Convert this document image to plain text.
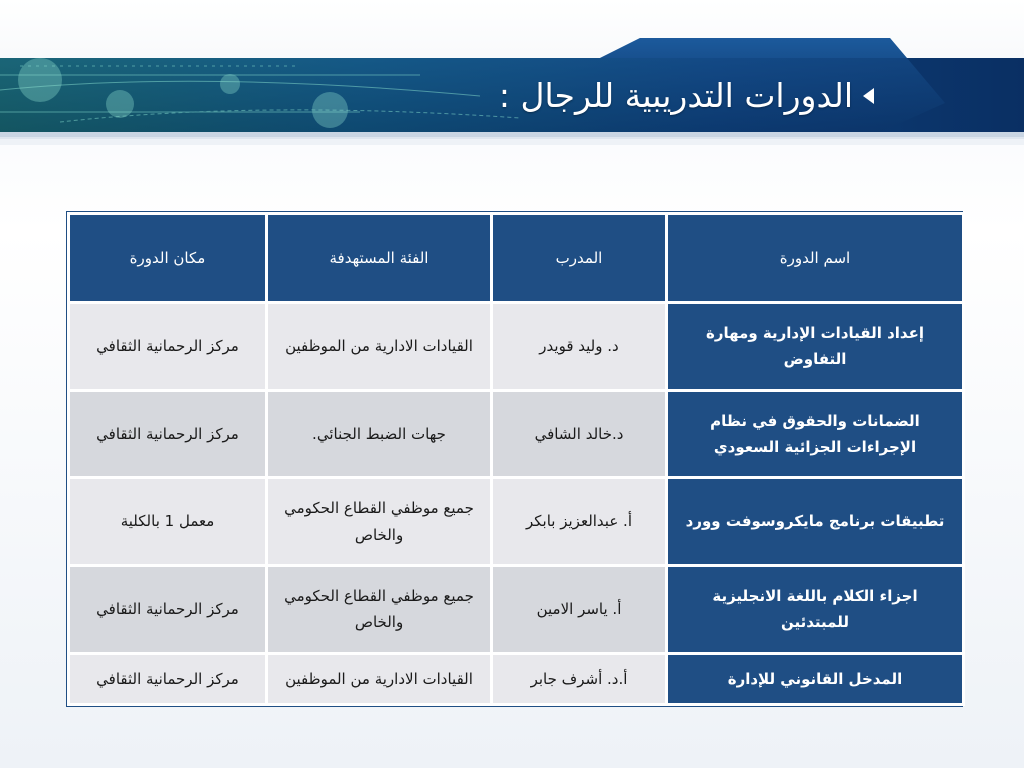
الدورات التدريبية للرجال :
اسم الدورة	المدرب	الفئة المستهدفة	مكان الدورة
إعداد القيادات الإدارية ومهارة التفاوض	د. وليد قويدر	القيادات الادارية من الموظفين	مركز الرحمانية الثقافي
الضمانات والحقوق في نظام الإجراءات الجزائية السعودي	د.خالد الشافي	جهات الضبط الجنائي.	مركز الرحمانية الثقافي
تطبيقات برنامج مايكروسوفت وورد	أ. عبدالعزيز بابكر	جميع موظفي القطاع الحكومي والخاص	معمل 1 بالكلية
اجزاء الكلام باللغة الانجليزية للمبتدئين	أ. ياسر الامين	جميع موظفي القطاع الحكومي والخاص	مركز الرحمانية الثقافي
المدخل القانوني للإدارة	أ.د. أشرف جابر	القيادات الادارية من الموظفين	مركز الرحمانية الثقافي
